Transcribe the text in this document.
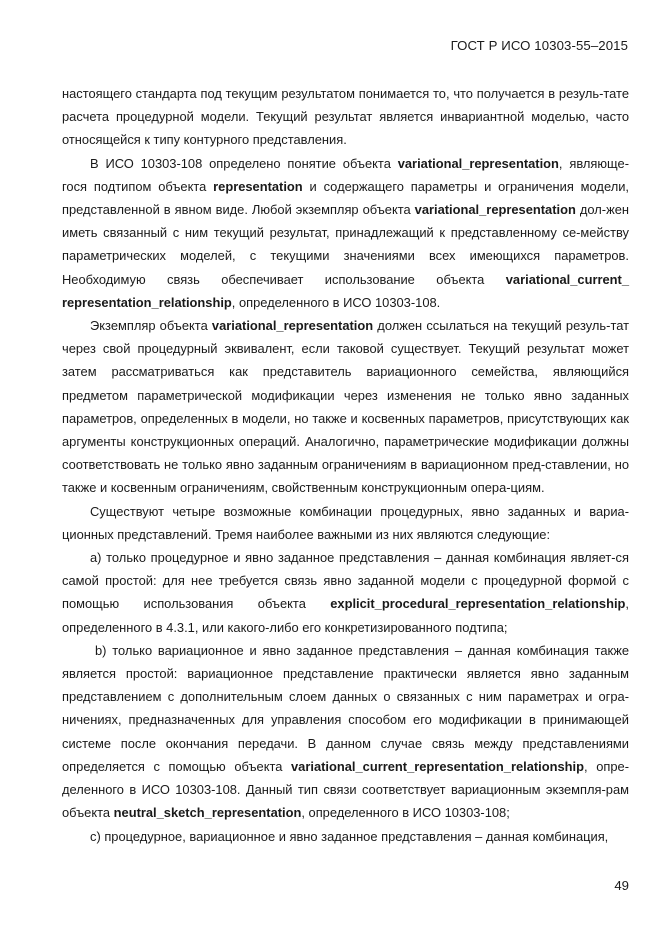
ГОСТ Р ИСО 10303-55–2015

настоящего стандарта под текущим результатом понимается то, что получается в резуль-тате расчета процедурной модели. Текущий результат является инвариантной моделью, часто относящейся к типу контурного представления.

В ИСО 10303-108 определено понятие объекта variational_representation, являюще-гося подтипом объекта representation и содержащего параметры и ограничения модели, представленной в явном виде. Любой экземпляр объекта variational_representation дол-жен иметь связанный с ним текущий результат, принадлежащий к представленному се-мейству параметрических моделей, с текущими значениями всех имеющихся параметров. Необходимую связь обеспечивает использование объекта variational_current_ representation_relationship, определенного в ИСО 10303-108.

Экземпляр объекта variational_representation должен ссылаться на текущий резуль-тат через свой процедурный эквивалент, если таковой существует. Текущий результат может затем рассматриваться как представитель вариационного семейства, являющийся предметом параметрической модификации через изменения не только явно заданных параметров, определенных в модели, но также и косвенных параметров, присутствующих как аргументы конструкционных операций. Аналогично, параметрические модификации должны соответствовать не только явно заданным ограничениям в вариационном пред-ставлении, но также и косвенным ограничениям, свойственным конструкционным опера-циям.

Существуют четыре возможные комбинации процедурных, явно заданных и вариа-ционных представлений. Тремя наиболее важными из них являются следующие:

а) только процедурное и явно заданное представления – данная комбинация являет-ся самой простой: для нее требуется связь явно заданной модели с процедурной формой с помощью использования объекта explicit_procedural_representation_relationship, определенного в 4.3.1, или какого-либо его конкретизированного подтипа;

b) только вариационное и явно заданное представления – данная комбинация также является простой: вариационное представление практически является явно заданным представлением с дополнительным слоем данных о связанных с ним параметрах и огра-ничениях, предназначенных для управления способом его модификации в принимающей системе после окончания передачи. В данном случае связь между представлениями определяется с помощью объекта variational_current_representation_relationship, опре-деленного в ИСО 10303-108. Данный тип связи соответствует вариационным экземпля-рам объекта neutral_sketch_representation, определенного в ИСО 10303-108;

c) процедурное, вариационное и явно заданное представления – данная комбинация,

49
